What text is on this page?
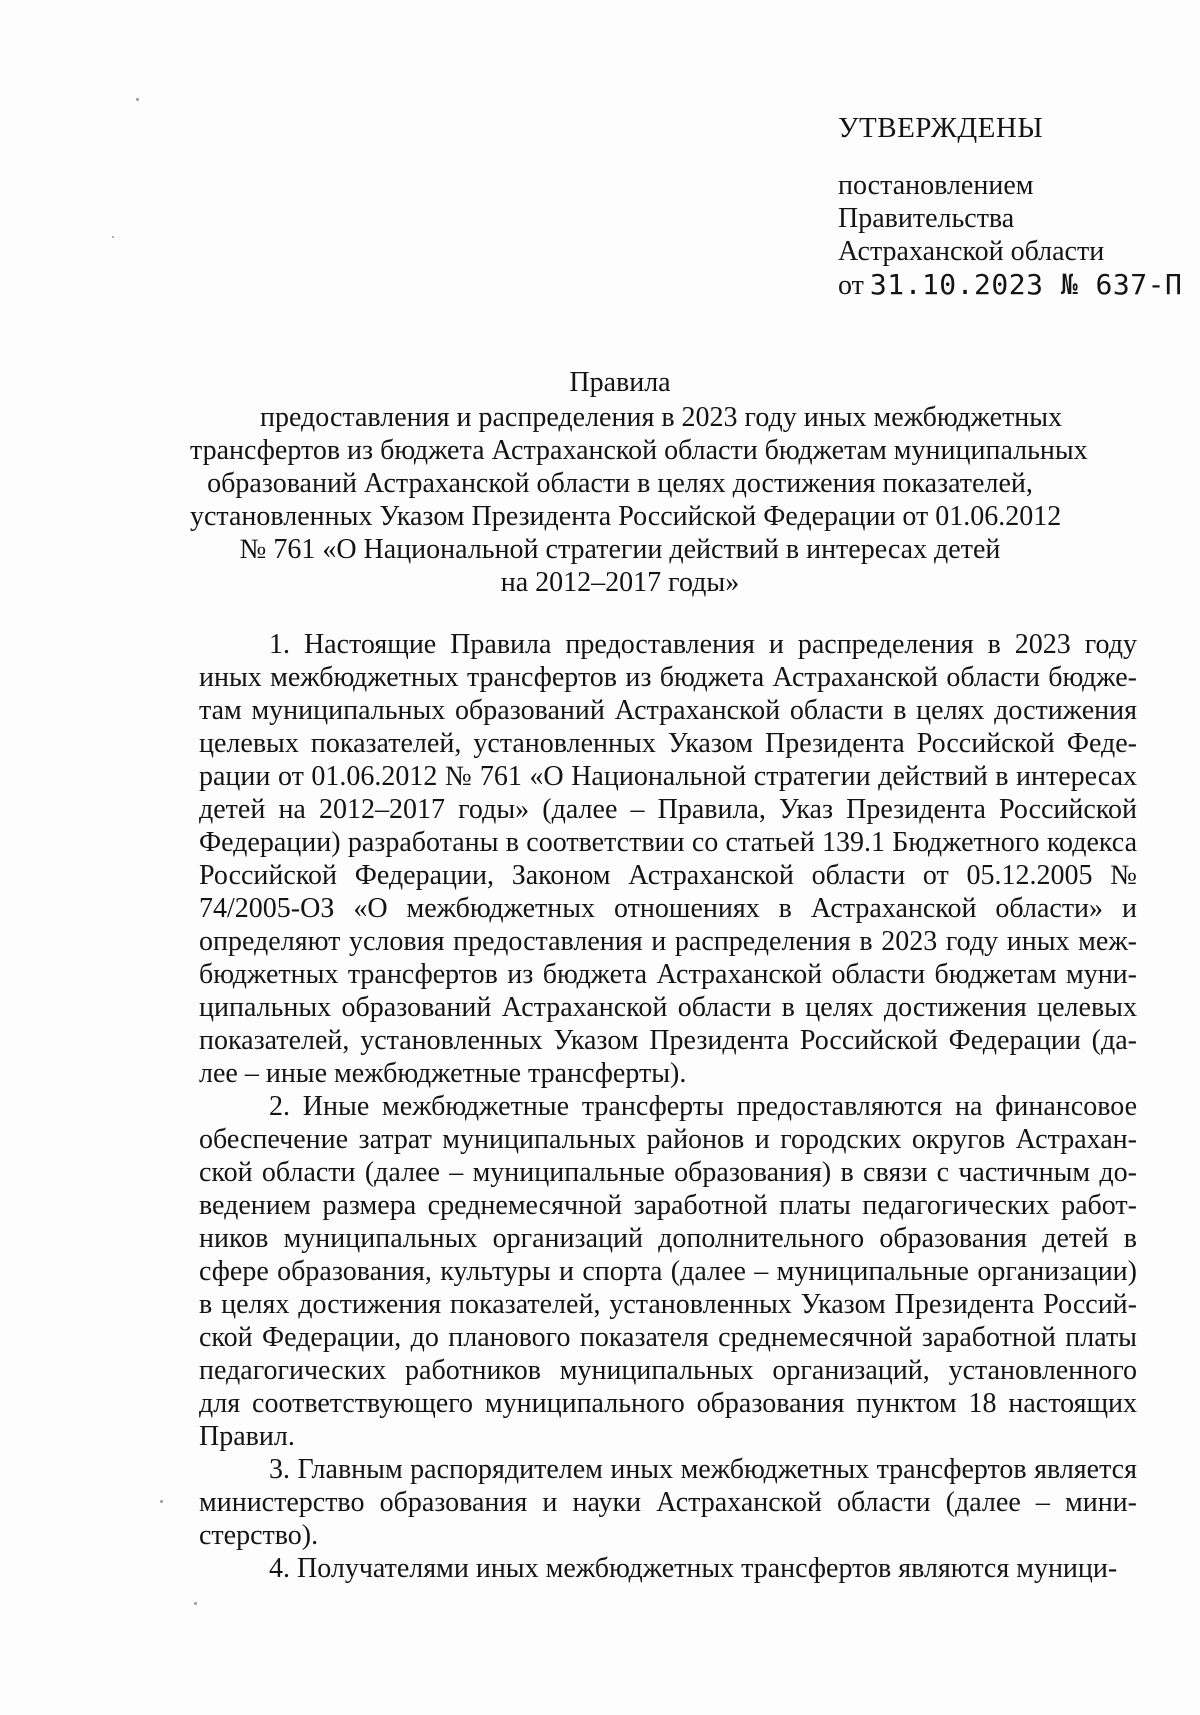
УТВЕРЖДЕНЫ
постановлением
Правительства
Астраханской области
от 31.10.2023 № 637-П
Правила
предоставления и распределения в 2023 году иных межбюджетных
трансфертов из бюджета Астраханской области бюджетам муниципальных
образований Астраханской области в целях достижения показателей,
установленных Указом Президента Российской Федерации от 01.06.2012
№ 761 «О Национальной стратегии действий в интересах детей
на 2012–2017 годы»

1. Настоящие Правила предоставления и распределения в 2023 году иных межбюджетных трансфертов из бюджета Астраханской области бюджетам муниципальных образований Астраханской области в целях достижения целевых показателей, установленных Указом Президента Российской Федерации от 01.06.2012 № 761 «О Национальной стратегии действий в интересах детей на 2012–2017 годы» (далее – Правила, Указ Президента Российской Федерации) разработаны в соответствии со статьей 139.1 Бюджетного кодекса Российской Федерации, Законом Астраханской области от 05.12.2005 № 74/2005-ОЗ «О межбюджетных отношениях в Астраханской области» и определяют условия предоставления и распределения в 2023 году иных межбюджетных трансфертов из бюджета Астраханской области бюджетам муниципальных образований Астраханской области в целях достижения целевых показателей, установленных Указом Президента Российской Федерации (далее – иные межбюджетные трансферты).

2. Иные межбюджетные трансферты предоставляются на финансовое обеспечение затрат муниципальных районов и городских округов Астраханской области (далее – муниципальные образования) в связи с частичным доведением размера среднемесячной заработной платы педагогических работников муниципальных организаций дополнительного образования детей в сфере образования, культуры и спорта (далее – муниципальные организации) в целях достижения показателей, установленных Указом Президента Российской Федерации, до планового показателя среднемесячной заработной платы педагогических работников муниципальных организаций, установленного для соответствующего муниципального образования пунктом 18 настоящих Правил.

3. Главным распорядителем иных межбюджетных трансфертов является министерство образования и науки Астраханской области (далее – министерство).

4. Получателями иных межбюджетных трансфертов являются муници-
